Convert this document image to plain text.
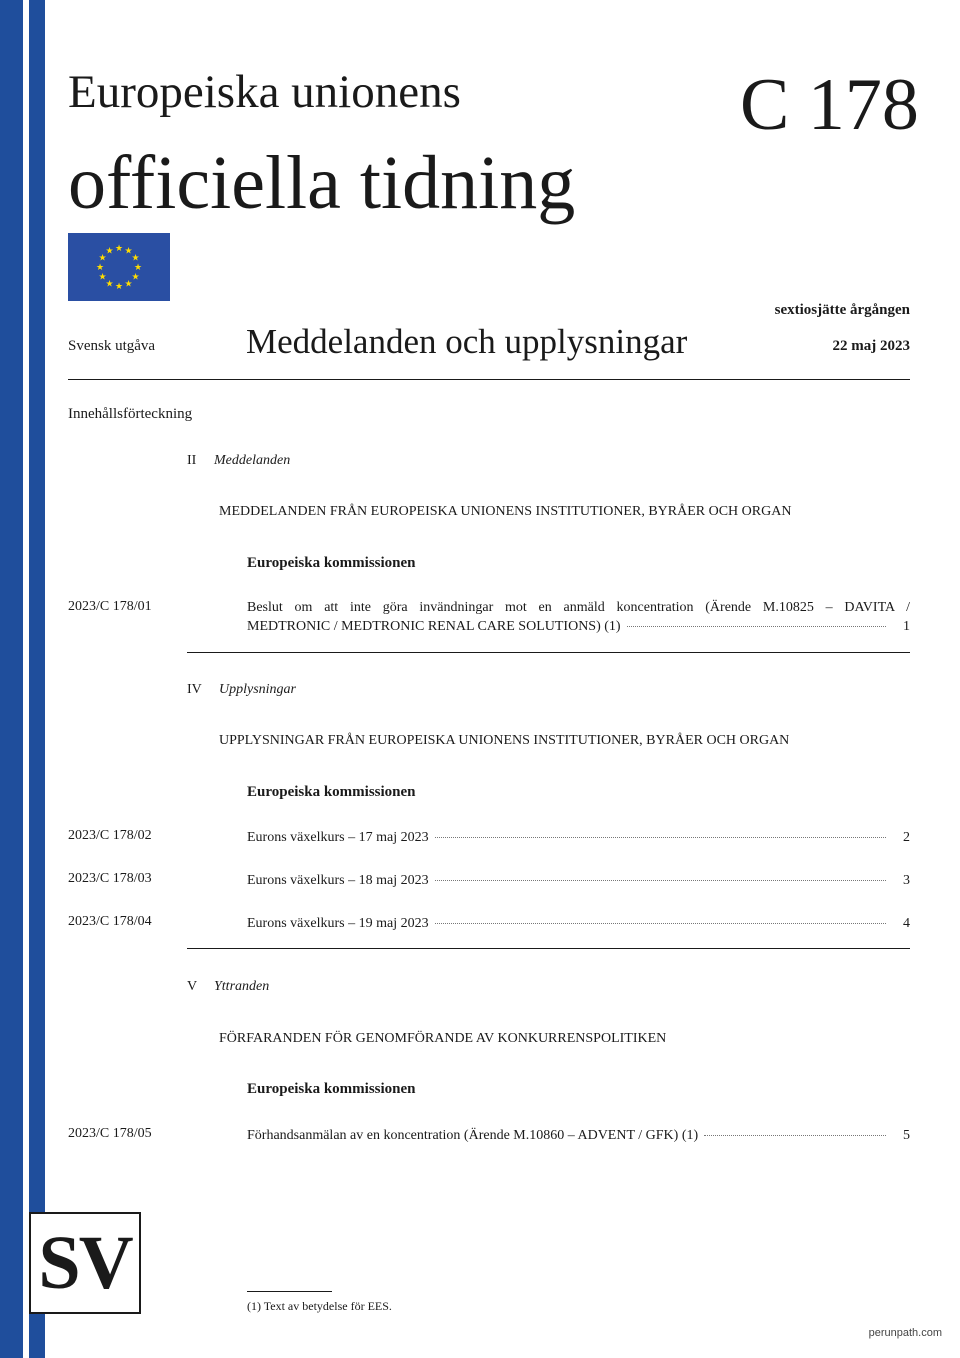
Europeiska unionens
officiella tidning
C 178
★ ★
★
★
★
★
★
★
★
★
★
★
sextiosjätte årgången
Svensk utgåva	Meddelanden och upplysningar	22 maj 2023
Innehållsförteckning
II Meddelanden
MEDDELANDEN FRÅN EUROPEISKA UNIONENS INSTITUTIONER, BYRÅER OCH ORGAN
Europeiska kommissionen
2023/C 178/01	Beslut om att inte göra invändningar mot en anmäld koncentration (Ärende M.10825 – DAVITA /
MEDTRONIC / MEDTRONIC RENAL CARE SOLUTIONS) (1)	1
IV Upplysningar
UPPLYSNINGAR FRÅN EUROPEISKA UNIONENS INSTITUTIONER, BYRÅER OCH ORGAN
Europeiska kommissionen
2023/C 178/02	Eurons växelkurs – 17 maj 2023	2
2023/C 178/03	Eurons växelkurs – 18 maj 2023	3
2023/C 178/04	Eurons växelkurs – 19 maj 2023	4
V Yttranden
FÖRFARANDEN FÖR GENOMFÖRANDE AV KONKURRENSPOLITIKEN
Europeiska kommissionen
2023/C 178/05	Förhandsanmälan av en koncentration (Ärende M.10860 – ADVENT / GFK) (1)	5
SV
(1) Text av betydelse för EES.
perunpath.com
